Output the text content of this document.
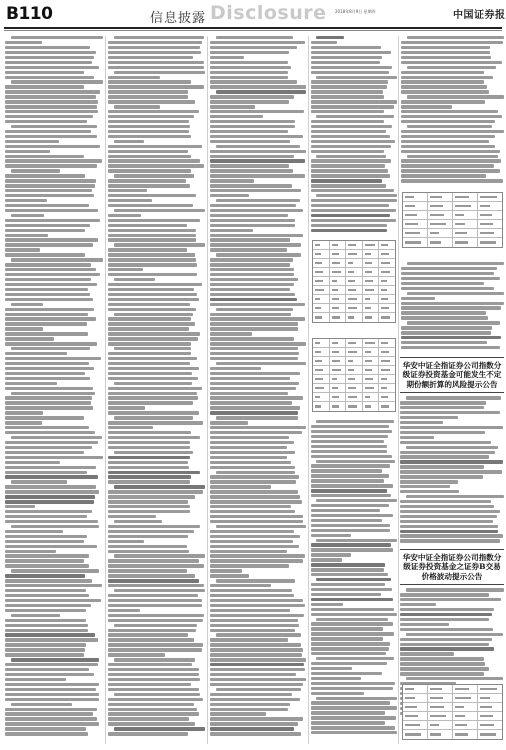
B110	信息披露 Disclosure 2018年8月9日 星期四	中国证券报
华安中证全指证券公司指数分级证券投资基金可能发生不定期份额折算的风险提示公告
华安中证全指证券公司指数分级证券投资基金之证券B交易价格波动提示公告
